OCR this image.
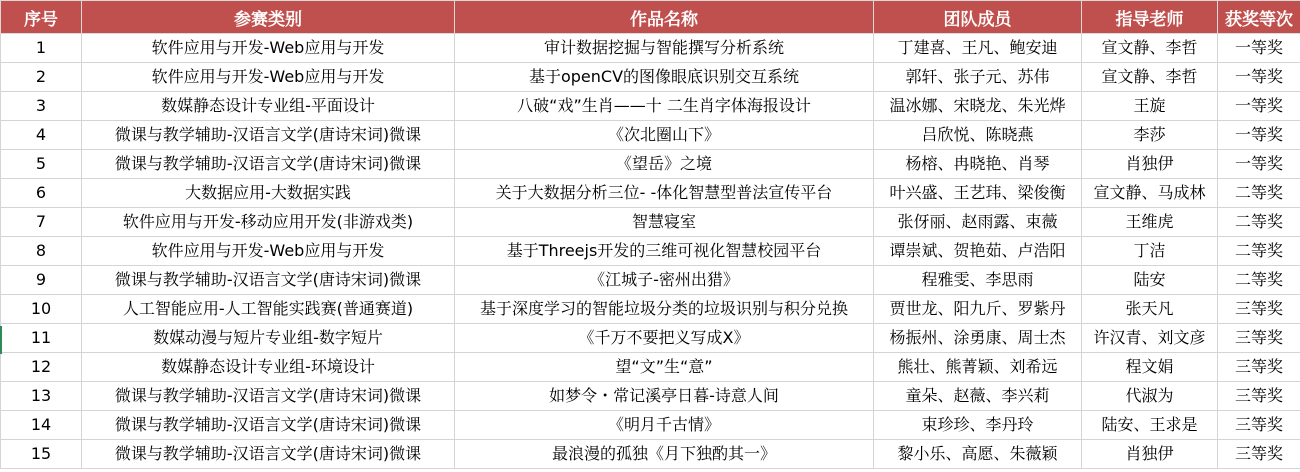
序号	参赛类别	作品名称	团队成员	指导老师	获奖等次
1	软件应用与开发-Web应用与开发	审计数据挖掘与智能撰写分析系统	丁建喜、王凡、鲍安迪	宣文静、李哲	一等奖
2	软件应用与开发-Web应用与开发	基于openCV的图像眼底识别交互系统	郭轩、张子元、苏伟	宣文静、李哲	一等奖
3	数媒静态设计专业组-平面设计	八破“戏”生肖——十 二生肖字体海报设计	温冰娜、宋晓龙、朱光烨	王旋	一等奖
4	微课与教学辅助-汉语言文学(唐诗宋词)微课	《次北圈山下》	吕欣悦、陈晓燕	李莎	一等奖
5	微课与教学辅助-汉语言文学(唐诗宋词)微课	《望岳》之境	杨榕、冉晓艳、肖琴	肖独伊	一等奖
6	大数据应用-大数据实践	关于大数据分析三位- -体化智慧型普法宣传平台	叶兴盛、王艺玮、梁俊衡	宣文静、马成林	二等奖
7	软件应用与开发-移动应用开发(非游戏类)	智慧寝室	张伢丽、赵雨露、束薇	王维虎	二等奖
8	软件应用与开发-Web应用与开发	基于Threejs开发的三维可视化智慧校园平台	谭崇斌、贺艳茹、卢浩阳	丁洁	二等奖
9	微课与教学辅助-汉语言文学(唐诗宋词)微课	《江城子-密州出猎》	程雅雯、李思雨	陆安	二等奖
10	人工智能应用-人工智能实践赛(普通赛道)	基于深度学习的智能垃圾分类的垃圾识别与积分兑换	贾世龙、阳九斤、罗紫丹	张天凡	三等奖
11	数媒动漫与短片专业组-数字短片	《千万不要把义写成X》	杨振州、涂勇康、周士杰	许汉青、刘文彦	三等奖
12	数媒静态设计专业组-环境设计	望“文”生“意”	熊壮、熊菁颖、刘希远	程文娟	三等奖
13	微课与教学辅助-汉语言文学(唐诗宋词)微课	如梦令・常记溪亭日暮-诗意人间	童朵、赵薇、李兴莉	代淑为	三等奖
14	微课与教学辅助-汉语言文学(唐诗宋词)微课	《明月千古情》	束珍珍、李丹玲	陆安、王求是	三等奖
15	微课与教学辅助-汉语言文学(唐诗宋词)微课	最浪漫的孤独《月下独酌其一》	黎小乐、高愿、朱薇颖	肖独伊	三等奖
